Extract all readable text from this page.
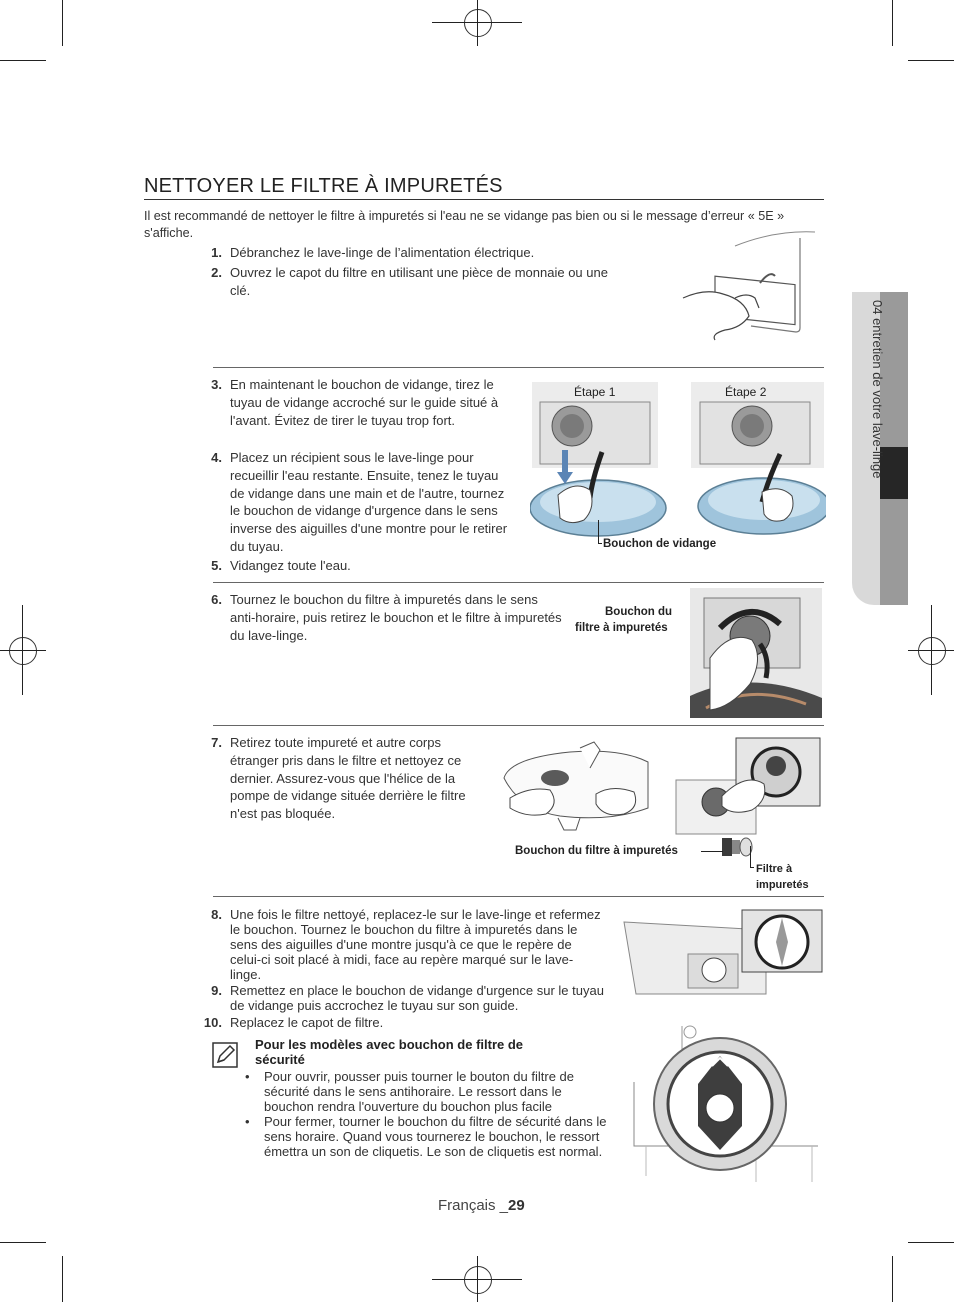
04 entretien de votre lave-linge
NETTOYER LE FILTRE À IMPURETÉS
Il est recommandé de nettoyer le filtre à impuretés si l'eau ne se vidange pas bien ou si le message d’erreur « 5E » s'affiche.
1. Débranchez le lave-linge de l’alimentation électrique.
2. Ouvrez le capot du filtre en utilisant une pièce de monnaie ou une clé.
3. En maintenant le bouchon de vidange, tirez le tuyau de vidange accroché sur le guide situé à l'avant. Évitez de tirer le tuyau trop fort.
4. Placez un récipient sous le lave-linge pour recueillir l'eau restante. Ensuite, tenez le tuyau de vidange dans une main et de l'autre, tournez le bouchon de vidange d'urgence dans le sens inverse des aiguilles d'une montre pour le retirer du tuyau.
5. Vidangez toute l'eau.
Étape 1	Étape 2
Bouchon de vidange
6. Tournez le bouchon du filtre à impuretés dans le sens anti-horaire, puis retirez le bouchon et le filtre à impuretés du lave-linge.
Bouchon du
filtre à impuretés
7. Retirez toute impureté et autre corps étranger pris dans le filtre et nettoyez ce dernier. Assurez-vous que l'hélice de la pompe de vidange située derrière le filtre n'est pas bloquée.
Bouchon du filtre à impuretés
Filtre à
impuretés
8. Une fois le filtre nettoyé, replacez-le sur le lave-linge et refermez le bouchon. Tournez le bouchon du filtre à impuretés dans le sens des aiguilles d'une montre jusqu'à ce que le repère de celui-ci soit placé à midi, face au repère marqué sur le lave-linge.
9. Remettez en place le bouchon de vidange d'urgence sur le tuyau de vidange puis accrochez le tuyau sur son guide.
10. Replacez le capot de filtre.
Pour les modèles avec bouchon de filtre de sécurité
• Pour ouvrir, pousser puis tourner le bouton du filtre de sécurité dans le sens antihoraire. Le ressort dans le bouchon rendra l'ouverture du bouchon plus facile
• Pour fermer, tourner le bouchon du filtre de sécurité dans le sens horaire. Quand vous tournerez le bouchon, le ressort émettra un son de cliquetis. Le son de cliquetis est normal.
Français _29
